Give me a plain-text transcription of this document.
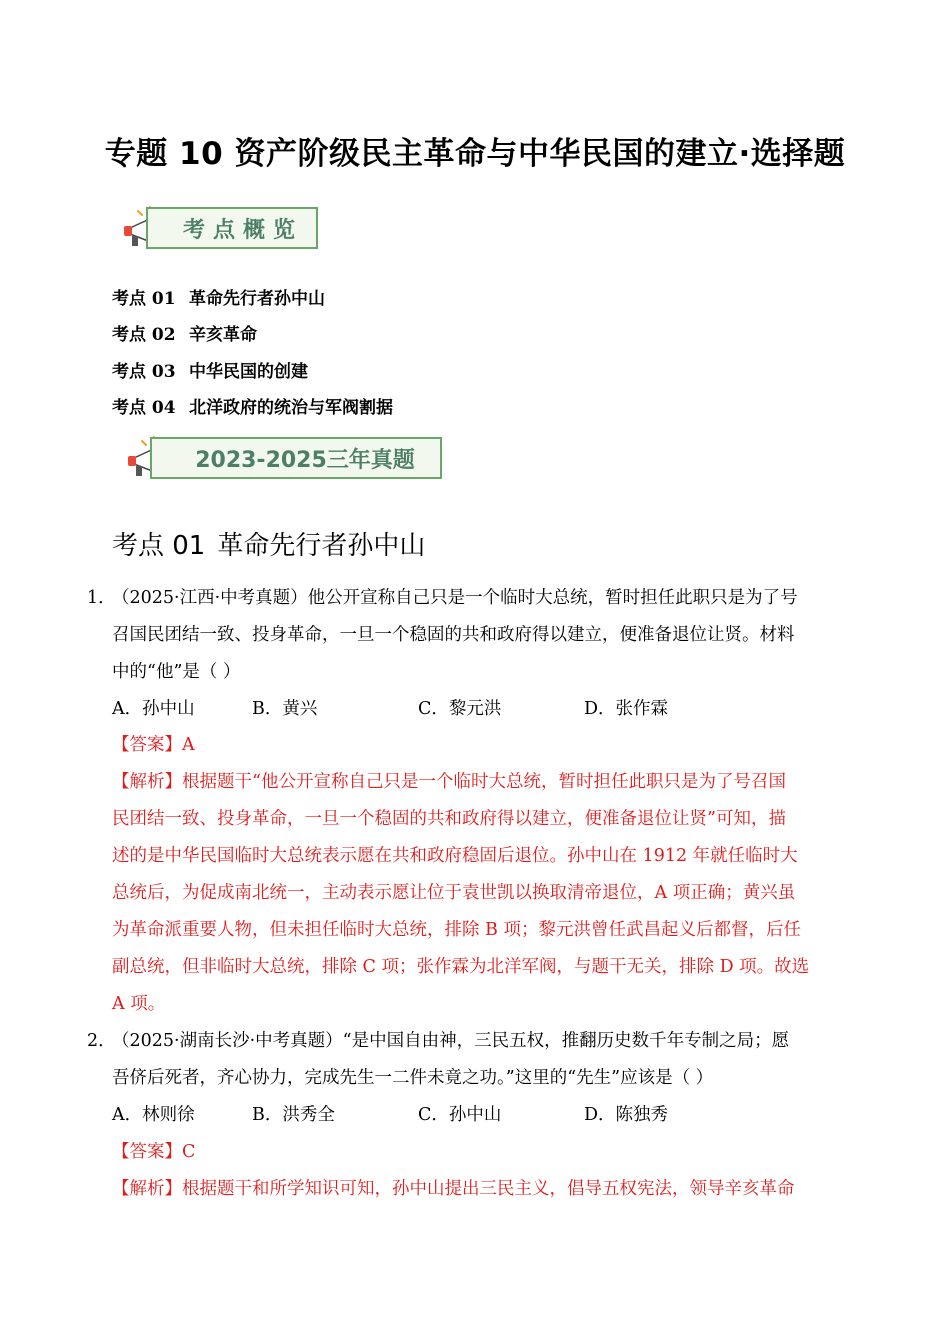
专题 10 资产阶级民主革命与中华民国的建立·选择题
考点概览
考点 01 革命先行者孙中山
考点 02 辛亥革命
考点 03 中华民国的创建
考点 04 北洋政府的统治与军阀割据
2023-2025三年真题
考点 01 革命先行者孙中山
1．
（2025·江西·中考真题）他公开宣称自己只是一个临时大总统，暂时担任此职只是为了号
召国民团结一致、投身革命，一旦一个稳固的共和政府得以建立，便准备退位让贤。材料
中的“他”是（ ）
A．孙中山	B．黄兴	C．黎元洪	D．张作霖
【答案】A
【解析】根据题干“他公开宣称自己只是一个临时大总统，暂时担任此职只是为了号召国
民团结一致、投身革命，一旦一个稳固的共和政府得以建立，便准备退位让贤”可知，描
述的是中华民国临时大总统表示愿在共和政府稳固后退位。孙中山在 1912 年就任临时大
总统后，为促成南北统一，主动表示愿让位于袁世凯以换取清帝退位，A 项正确；黄兴虽
为革命派重要人物，但未担任临时大总统，排除 B 项；黎元洪曾任武昌起义后都督，后任
副总统，但非临时大总统，排除 C 项；张作霖为北洋军阀，与题干无关，排除 D 项。故选
A 项。
2．
（2025·湖南长沙·中考真题）“是中国自由神，三民五权，推翻历史数千年专制之局；愿
吾侪后死者，齐心协力，完成先生一二件未竟之功。”这里的“先生”应该是（ ）
A．林则徐	B．洪秀全	C．孙中山	D．陈独秀
【答案】C
【解析】根据题干和所学知识可知，孙中山提出三民主义，倡导五权宪法，领导辛亥革命
